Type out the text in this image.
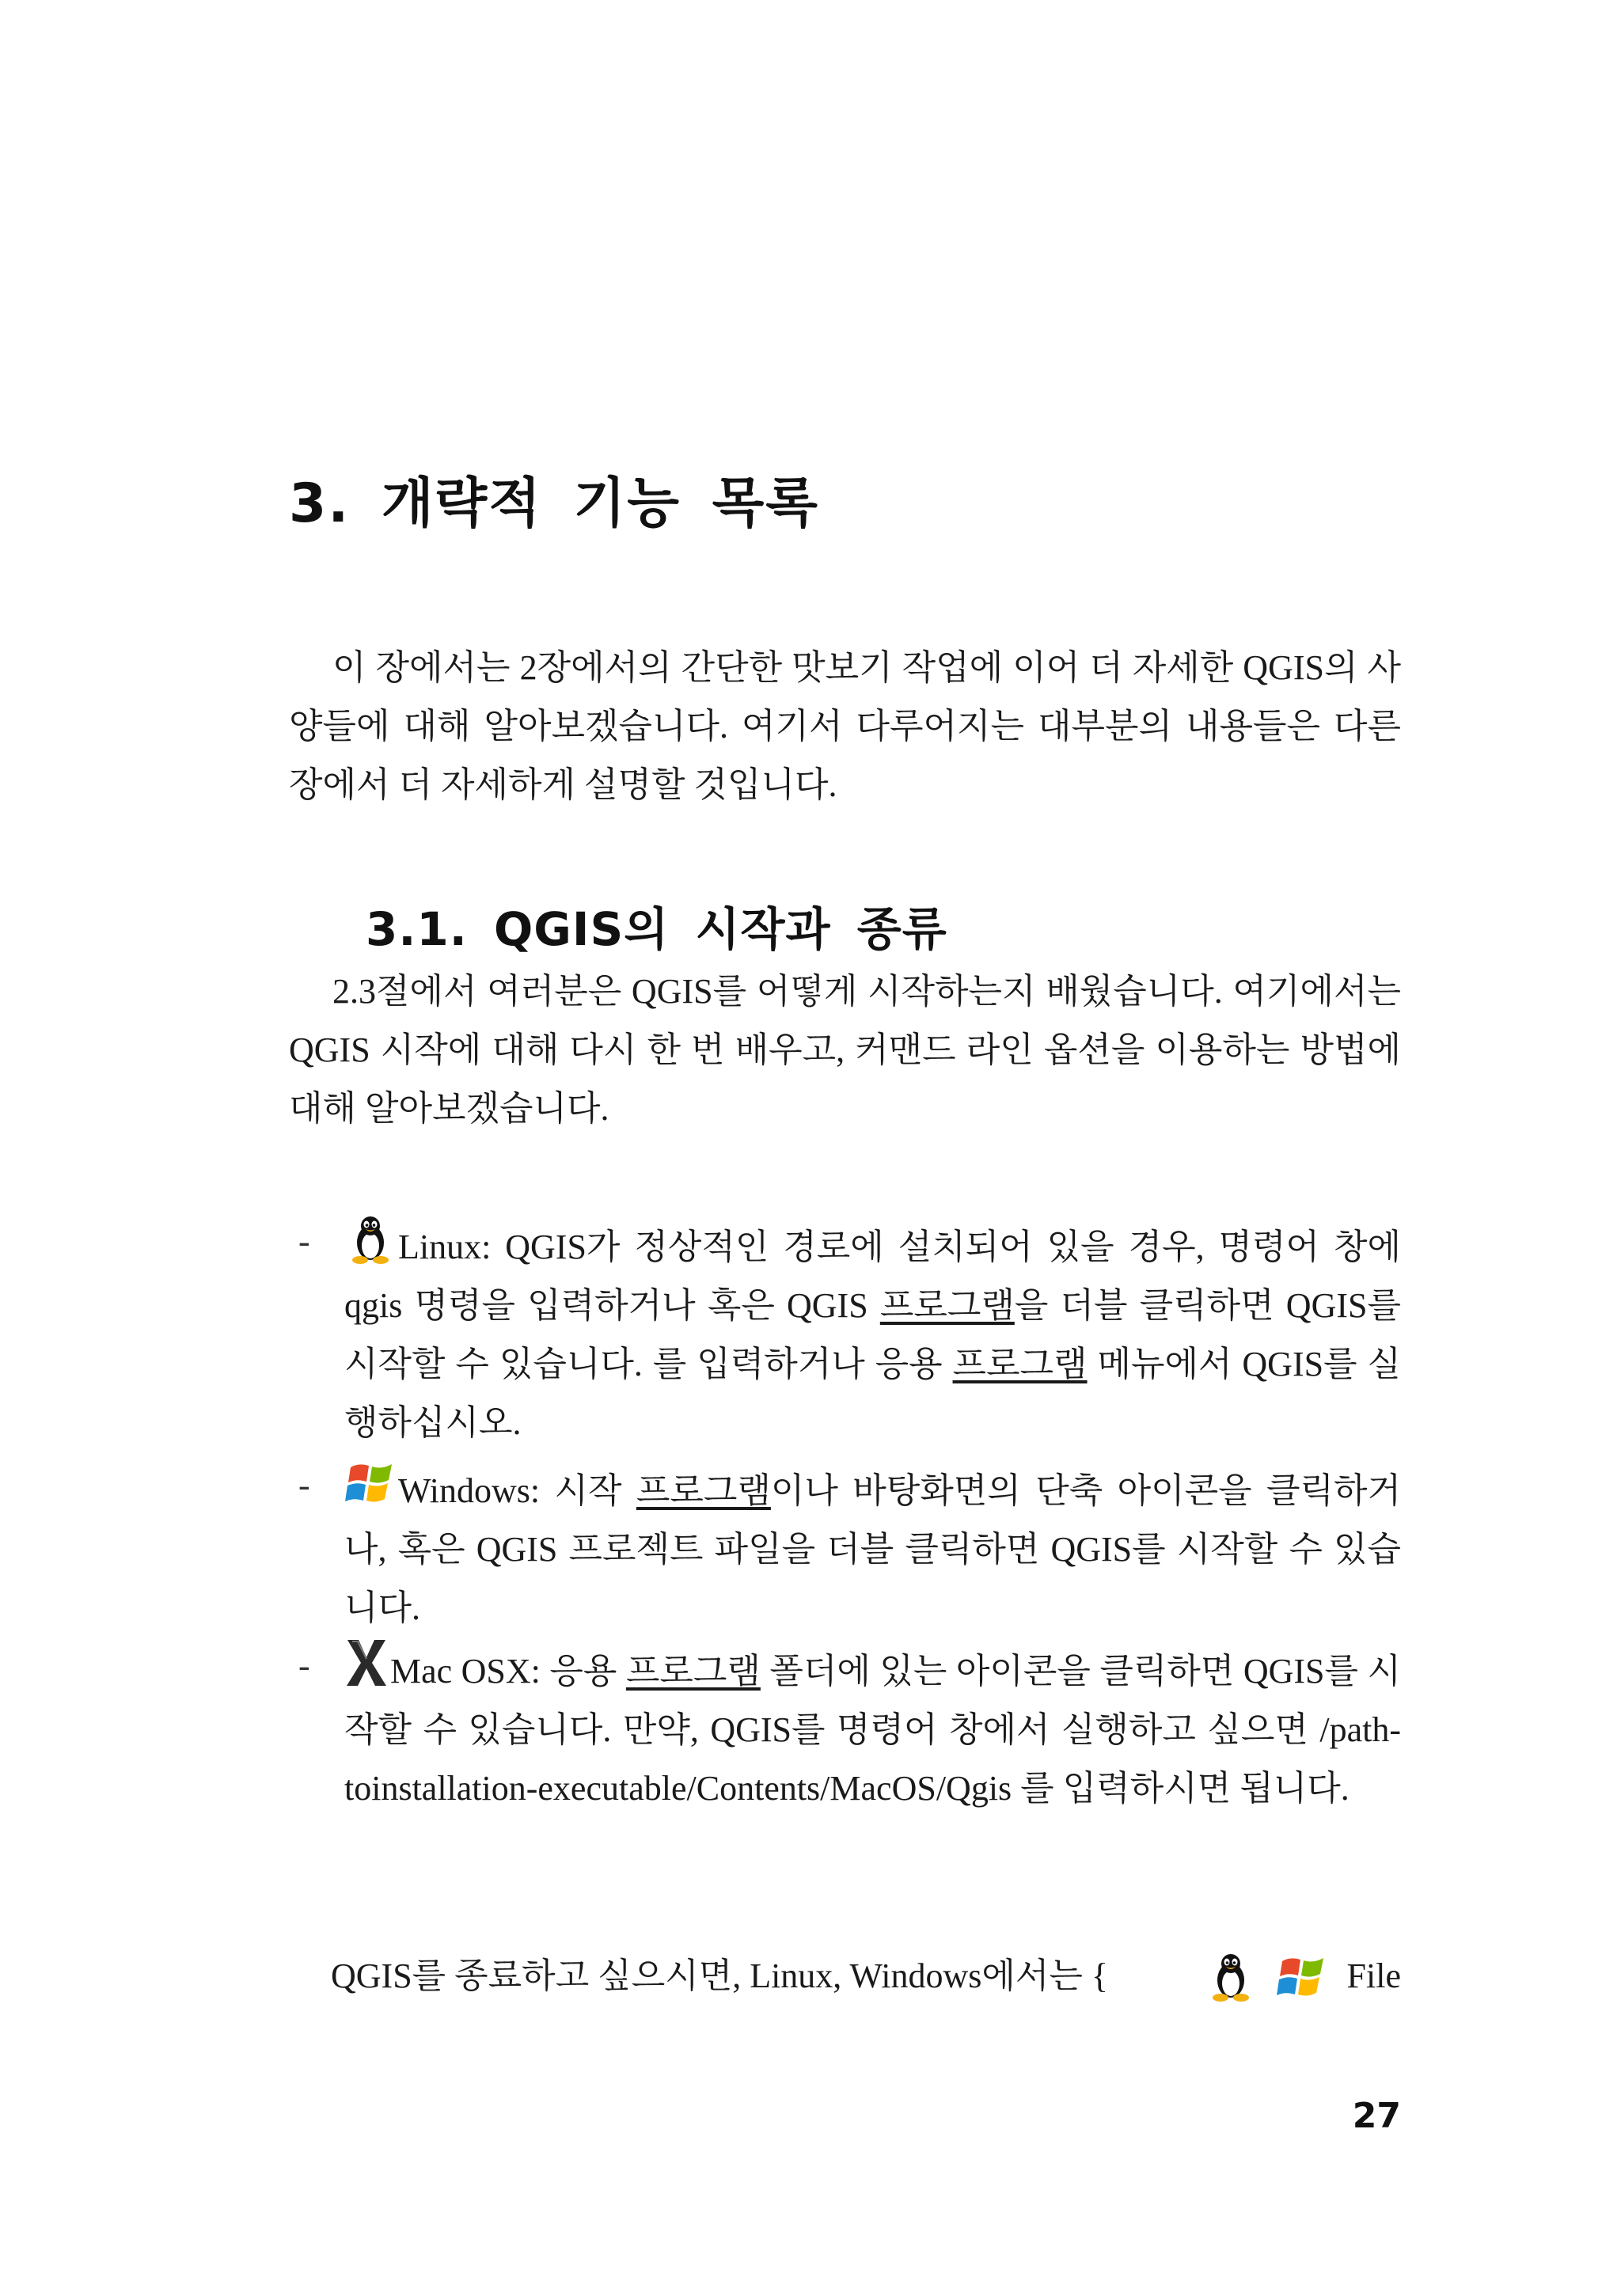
3. 개략적 기능 목록

이 장에서는 2장에서의 간단한 맛보기 작업에 이어 더 자세한 QGIS의 사양들에 대해 알아보겠습니다. 여기서 다루어지는 대부분의 내용들은 다른 장에서 더 자세하게 설명할 것입니다.

3.1. QGIS의 시작과 종류

2.3절에서 여러분은 QGIS를 어떻게 시작하는지 배웠습니다. 여기에서는 QGIS 시작에 대해 다시 한 번 배우고, 커맨드 라인 옵션을 이용하는 방법에 대해 알아보겠습니다.

-	Linux: QGIS가 정상적인 경로에 설치되어 있을 경우, 명령어 창에 qgis 명령을 입력하거나 혹은 QGIS 프로그램을 더블 클릭하면 QGIS를 시작할 수 있습니다. 를 입력하거나 응용 프로그램 메뉴에서 QGIS를 실행하십시오.

-	Windows: 시작 프로그램이나 바탕화면의 단축 아이콘을 클릭하거나, 혹은 QGIS 프로젝트 파일을 더블 클릭하면 QGIS를 시작할 수 있습니다.

-	Mac OSX: 응용 프로그램 폴더에 있는 아이콘을 클릭하면 QGIS를 시작할 수 있습니다. 만약, QGIS를 명령어 창에서 실행하고 싶으면 /path-toinstallation-executable/Contents/MacOS/Qgis 를 입력하시면 됩니다.

QGIS를 종료하고 싶으시면, Linux, Windows에서는 {	File

27
